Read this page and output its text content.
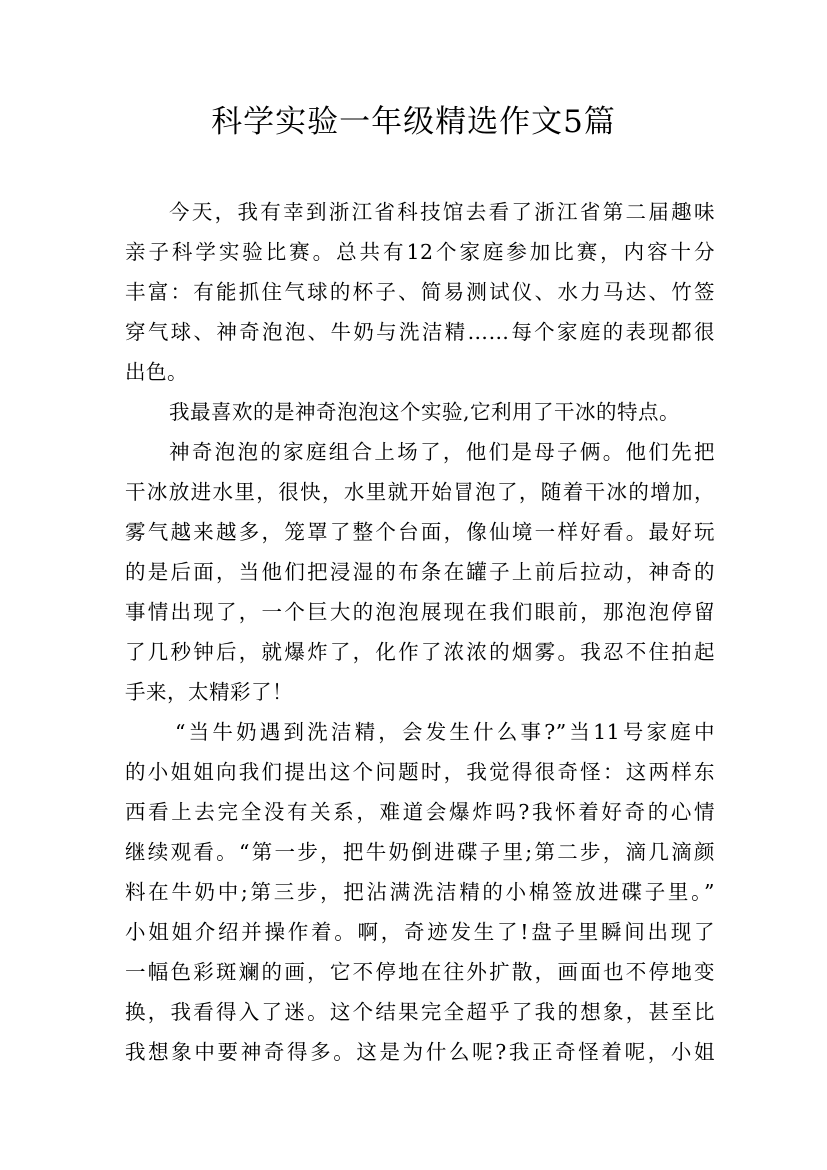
科学实验一年级精选作文5篇
今天，我有幸到浙江省科技馆去看了浙江省第二届趣味
亲子科学实验比赛。总共有12个家庭参加比赛，内容十分
丰富：有能抓住气球的杯子、简易测试仪、水力马达、竹签
穿气球、神奇泡泡、牛奶与洗洁精……每个家庭的表现都很
出色。
我最喜欢的是神奇泡泡这个实验,它利用了干冰的特点。
神奇泡泡的家庭组合上场了，他们是母子俩。他们先把
干冰放进水里，很快，水里就开始冒泡了，随着干冰的增加，
雾气越来越多，笼罩了整个台面，像仙境一样好看。最好玩
的是后面，当他们把浸湿的布条在罐子上前后拉动，神奇的
事情出现了，一个巨大的泡泡展现在我们眼前，那泡泡停留
了几秒钟后，就爆炸了，化作了浓浓的烟雾。我忍不住拍起
手来，太精彩了！
“当牛奶遇到洗洁精，会发生什么事?”当11号家庭中
的小姐姐向我们提出这个问题时，我觉得很奇怪：这两样东
西看上去完全没有关系，难道会爆炸吗?我怀着好奇的心情
继续观看。“第一步，把牛奶倒进碟子里;第二步，滴几滴颜
料在牛奶中;第三步，把沾满洗洁精的小棉签放进碟子里。”
小姐姐介绍并操作着。啊，奇迹发生了!盘子里瞬间出现了
一幅色彩斑斓的画，它不停地在往外扩散，画面也不停地变
换，我看得入了迷。这个结果完全超乎了我的想象，甚至比
我想象中要神奇得多。这是为什么呢?我正奇怪着呢，小姐
